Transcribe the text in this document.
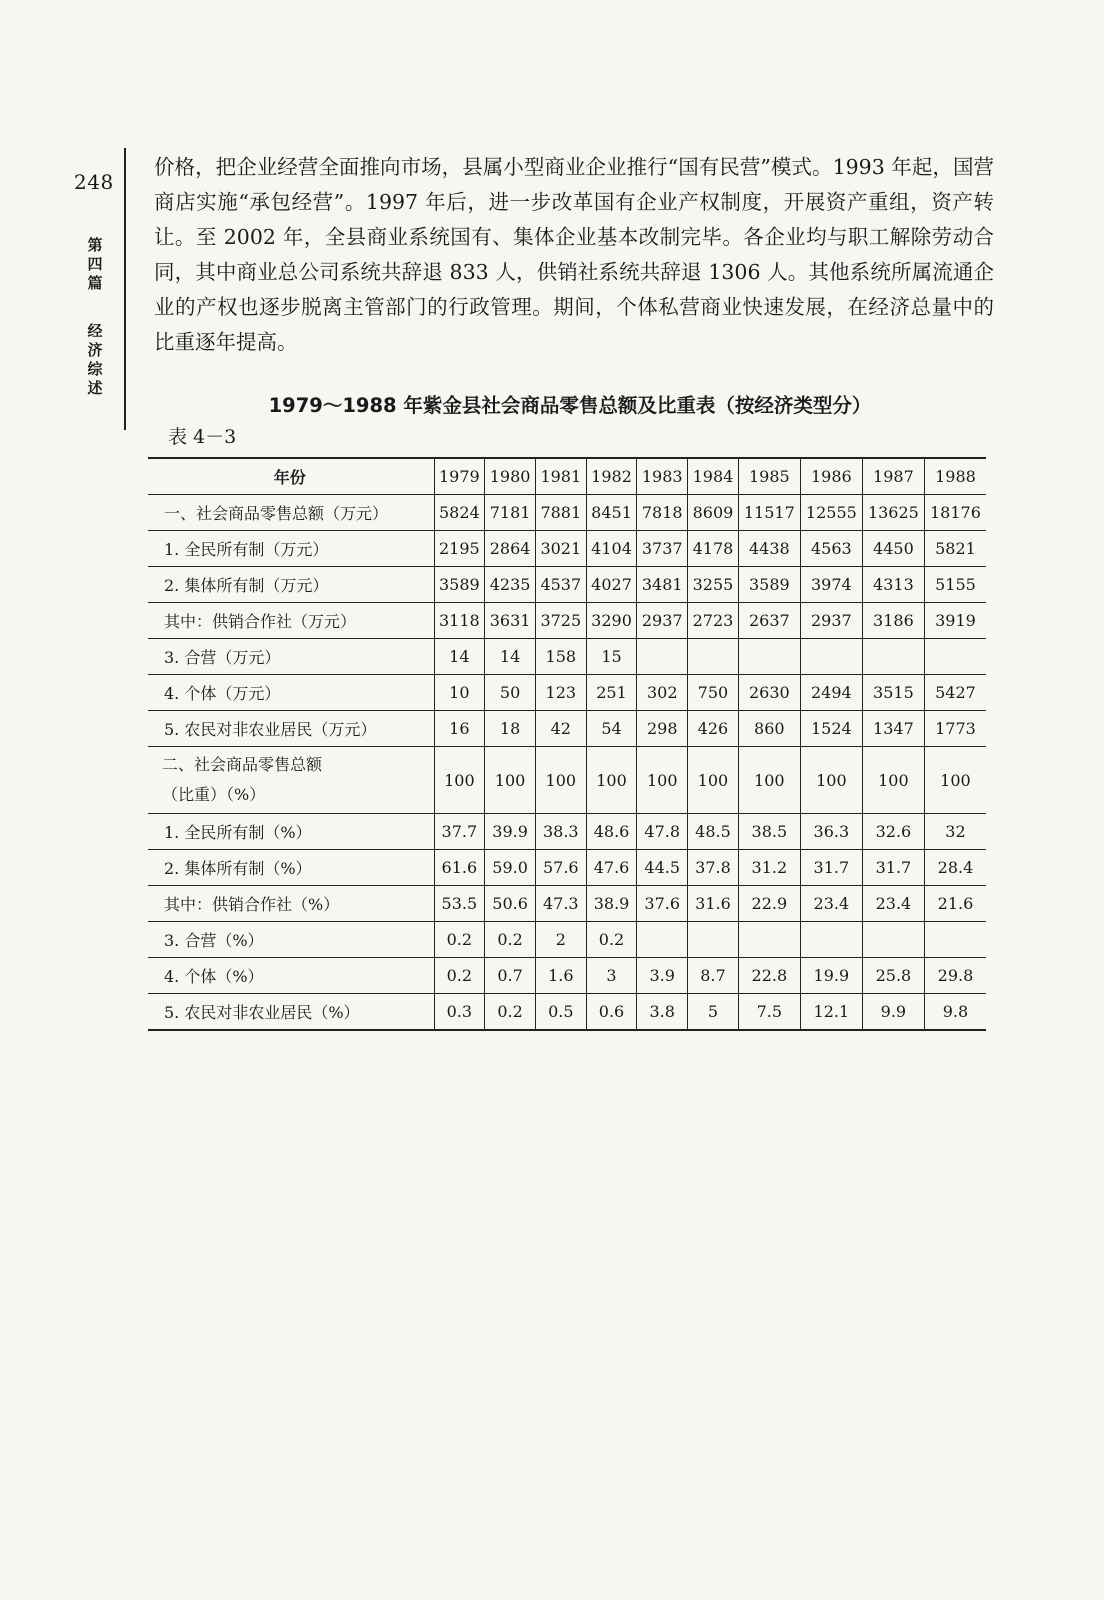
248
第四篇
经济综述

价格，把企业经营全面推向市场，县属小型商业企业推行“国有民营”模式。1993 年起，国营商店实施“承包经营”。1997 年后，进一步改革国有企业产权制度，开展资产重组，资产转让。至 2002 年，全县商业系统国有、集体企业基本改制完毕。各企业均与职工解除劳动合同，其中商业总公司系统共辞退 833 人，供销社系统共辞退 1306 人。其他系统所属流通企业的产权也逐步脱离主管部门的行政管理。期间，个体私营商业快速发展，在经济总量中的比重逐年提高。

1979～1988 年紫金县社会商品零售总额及比重表（按经济类型分）
表 4－3
年份	1979	1980	1981	1982	1983	1984	1985	1986	1987	1988
一、社会商品零售总额（万元）	5824	7181	7881	8451	7818	8609	11517	12555	13625	18176
1. 全民所有制（万元）	2195	2864	3021	4104	3737	4178	4438	4563	4450	5821
2. 集体所有制（万元）	3589	4235	4537	4027	3481	3255	3589	3974	4313	5155
其中：供销合作社（万元）	3118	3631	3725	3290	2937	2723	2637	2937	3186	3919
3. 合营（万元）	14	14	158	15						
4. 个体（万元）	10	50	123	251	302	750	2630	2494	3515	5427
5. 农民对非农业居民（万元）	16	18	42	54	298	426	860	1524	1347	1773

二、社会商品零售总额
（比重）（%）	100	100	100	100	100	100	100	100	100	100
1. 全民所有制（%）	37.7	39.9	38.3	48.6	47.8	48.5	38.5	36.3	32.6	32
2. 集体所有制（%）	61.6	59.0	57.6	47.6	44.5	37.8	31.2	31.7	31.7	28.4
其中：供销合作社（%）	53.5	50.6	47.3	38.9	37.6	31.6	22.9	23.4	23.4	21.6
3. 合营（%）	0.2	0.2	2	0.2						
4. 个体（%）	0.2	0.7	1.6	3	3.9	8.7	22.8	19.9	25.8	29.8
5. 农民对非农业居民（%）	0.3	0.2	0.5	0.6	3.8	5	7.5	12.1	9.9	9.8
